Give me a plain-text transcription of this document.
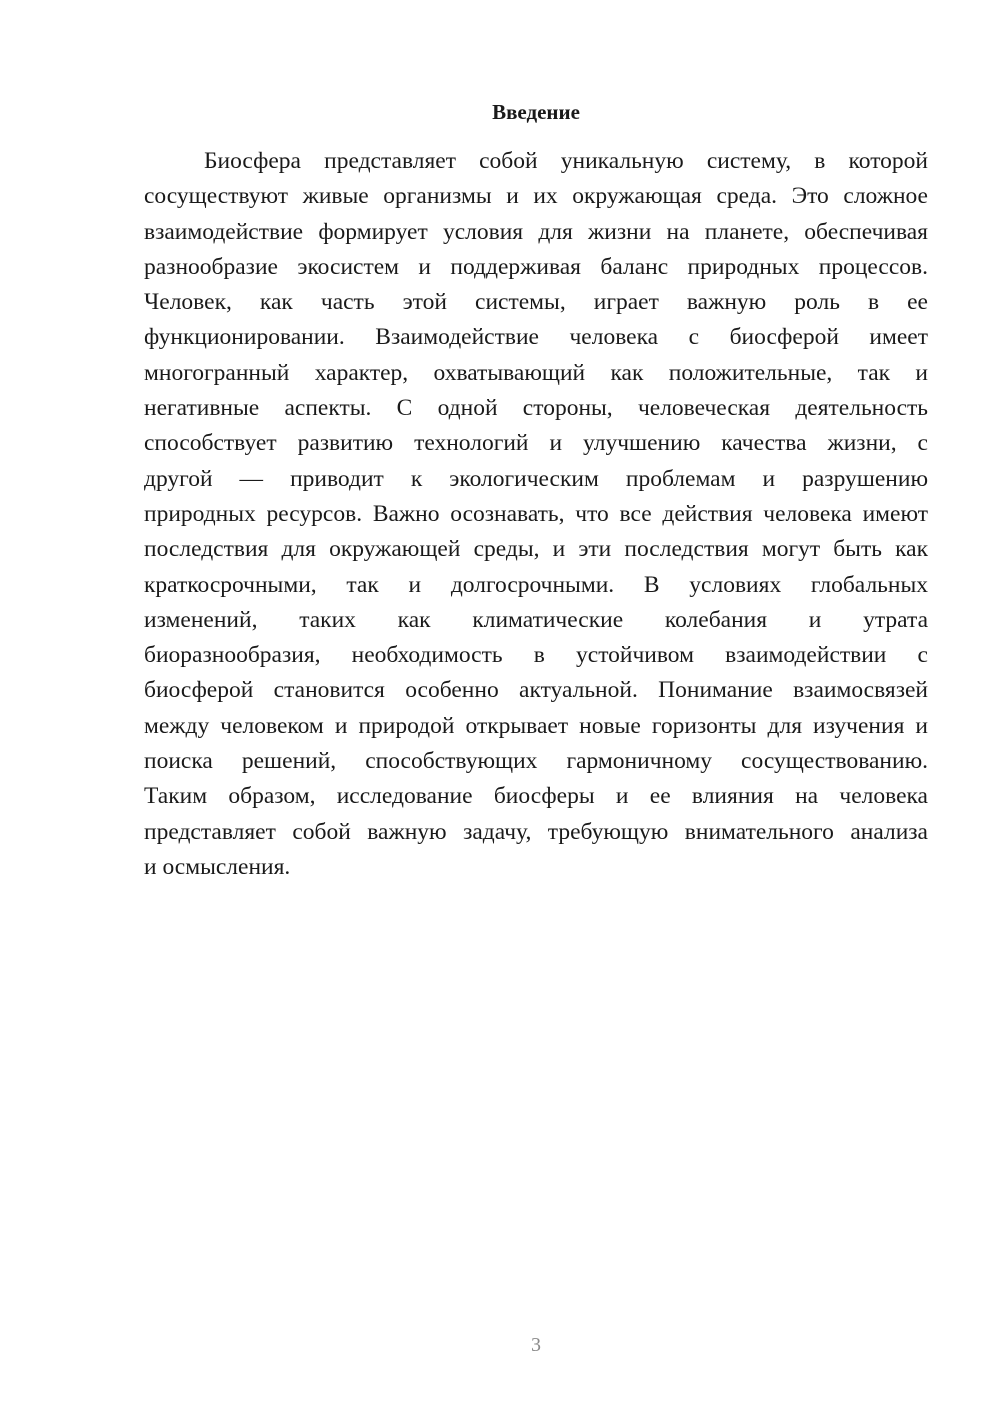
Введение
Биосфера представляет собой уникальную систему, в которой
сосуществуют живые организмы и их окружающая среда. Это сложное
взаимодействие формирует условия для жизни на планете, обеспечивая
разнообразие экосистем и поддерживая баланс природных процессов.
Человек, как часть этой системы, играет важную роль в ее
функционировании. Взаимодействие человека с биосферой имеет
многогранный характер, охватывающий как положительные, так и
негативные аспекты. С одной стороны, человеческая деятельность
способствует развитию технологий и улучшению качества жизни, с
другой — приводит к экологическим проблемам и разрушению
природных ресурсов. Важно осознавать, что все действия человека имеют
последствия для окружающей среды, и эти последствия могут быть как
краткосрочными, так и долгосрочными. В условиях глобальных
изменений, таких как климатические колебания и утрата
биоразнообразия, необходимость в устойчивом взаимодействии с
биосферой становится особенно актуальной. Понимание взаимосвязей
между человеком и природой открывает новые горизонты для изучения и
поиска решений, способствующих гармоничному сосуществованию.
Таким образом, исследование биосферы и ее влияния на человека
представляет собой важную задачу, требующую внимательного анализа
и осмысления.
3
